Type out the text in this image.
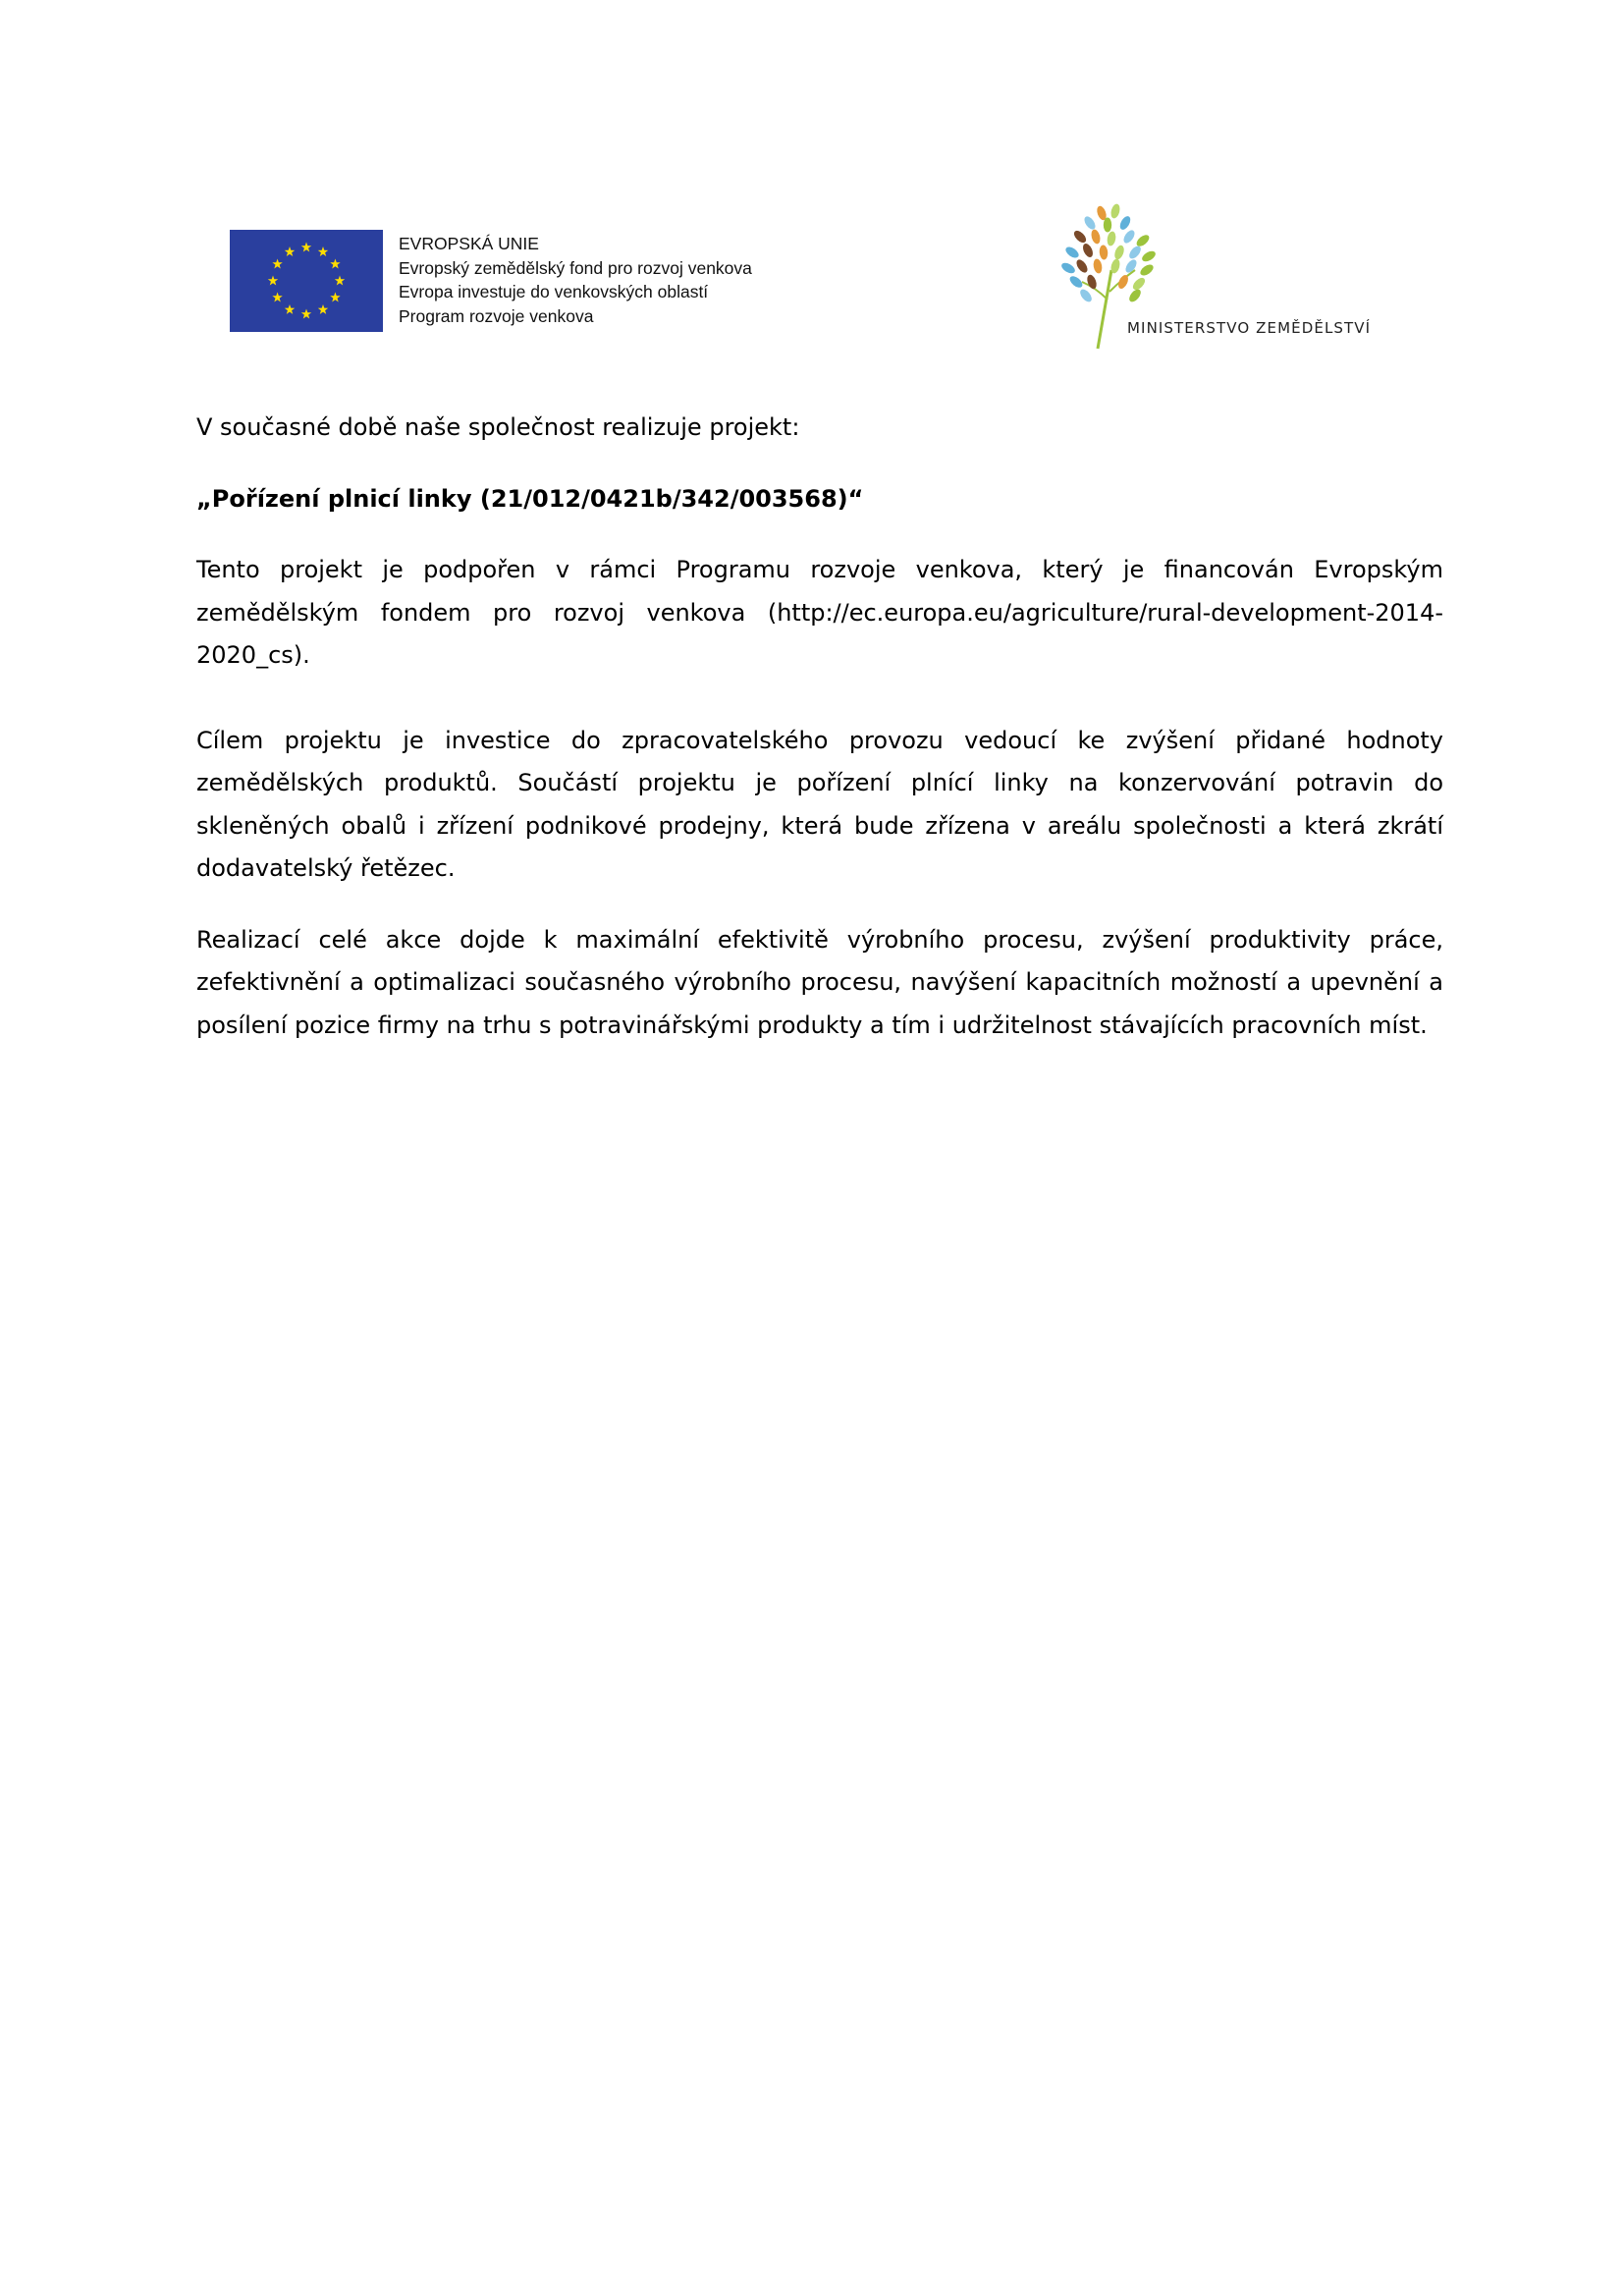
EVROPSKÁ UNIE
Evropský zemědělský fond pro rozvoj venkova
Evropa investuje do venkovských oblastí
Program rozvoje venkova
MINISTERSTVO ZEMĚDĚLSTVÍ

V současné době naše společnost realizuje projekt:

„Pořízení plnicí linky (21/012/0421b/342/003568)“

Tento projekt je podpořen v rámci Programu rozvoje venkova, který je financován Evropským zemědělským fondem pro rozvoj venkova (http://ec.europa.eu/agriculture/rural-development-2014-2020_cs).

Cílem projektu je investice do zpracovatelského provozu vedoucí ke zvýšení přidané hodnoty zemědělských produktů. Součástí projektu je pořízení plnící linky na konzervování potravin do skleněných obalů i zřízení podnikové prodejny, která bude zřízena v areálu společnosti a která zkrátí dodavatelský řetězec.

Realizací celé akce dojde k maximální efektivitě výrobního procesu, zvýšení produktivity práce, zefektivnění a optimalizaci současného výrobního procesu, navýšení kapacitních možností a upevnění a posílení pozice firmy na trhu s potravinářskými produkty a tím i udržitelnost stávajících pracovních míst.
